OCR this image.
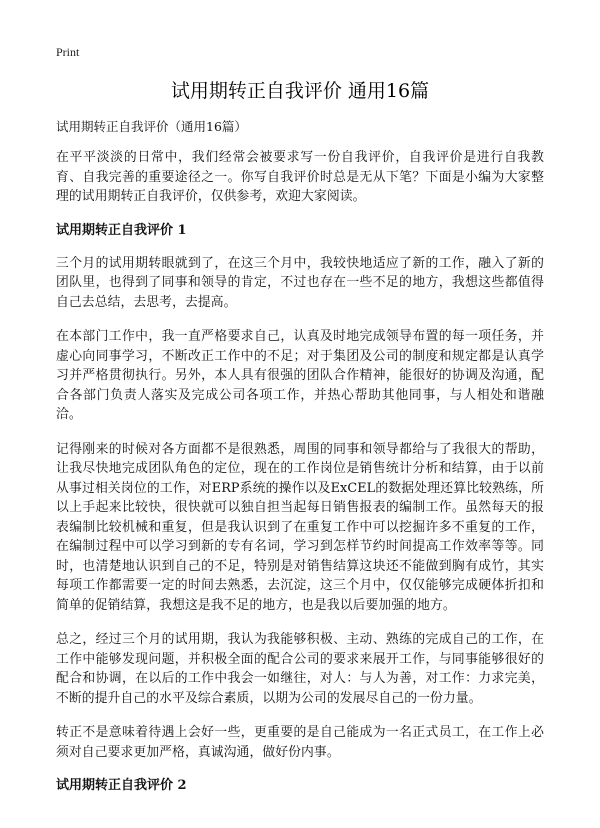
Print
试用期转正自我评价 通用16篇
试用期转正自我评价（通用16篇）

在平平淡淡的日常中，我们经常会被要求写一份自我评价，自我评价是进行自我教育、自我完善的重要途径之一。你写自我评价时总是无从下笔？下面是小编为大家整理的试用期转正自我评价，仅供参考，欢迎大家阅读。

试用期转正自我评价 1

三个月的试用期转眼就到了，在这三个月中，我较快地适应了新的工作，融入了新的团队里，也得到了同事和领导的肯定，不过也存在一些不足的地方，我想这些都值得自己去总结，去思考，去提高。

在本部门工作中，我一直严格要求自己，认真及时地完成领导布置的每一项任务，并虚心向同事学习，不断改正工作中的不足；对于集团及公司的制度和规定都是认真学习并严格贯彻执行。另外，本人具有很强的团队合作精神，能很好的协调及沟通，配合各部门负责人落实及完成公司各项工作，并热心帮助其他同事，与人相处和谐融洽。

记得刚来的时候对各方面都不是很熟悉，周围的同事和领导都给与了我很大的帮助，让我尽快地完成团队角色的定位，现在的工作岗位是销售统计分析和结算，由于以前从事过相关岗位的工作，对ERP系统的操作以及ExCEL的数据处理还算比较熟练，所以上手起来比较快，很快就可以独自担当起每日销售报表的编制工作。虽然每天的报表编制比较机械和重复，但是我认识到了在重复工作中可以挖掘许多不重复的工作，在编制过程中可以学习到新的专有名词，学习到怎样节约时间提高工作效率等等。同时，也清楚地认识到自己的不足，特别是对销售结算这块还不能做到胸有成竹，其实每项工作都需要一定的时间去熟悉，去沉淀，这三个月中，仅仅能够完成硬体折扣和简单的促销结算，我想这是我不足的地方，也是我以后要加强的地方。

总之，经过三个月的试用期，我认为我能够积极、主动、熟练的完成自己的工作，在工作中能够发现问题，并积极全面的配合公司的要求来展开工作，与同事能够很好的配合和协调，在以后的工作中我会一如继往，对人：与人为善，对工作：力求完美，不断的提升自己的水平及综合素质，以期为公司的发展尽自己的一份力量。

转正不是意味着待遇上会好一些，更重要的是自己能成为一名正式员工，在工作上必须对自己要求更加严格，真诚沟通，做好份内事。

试用期转正自我评价 2
